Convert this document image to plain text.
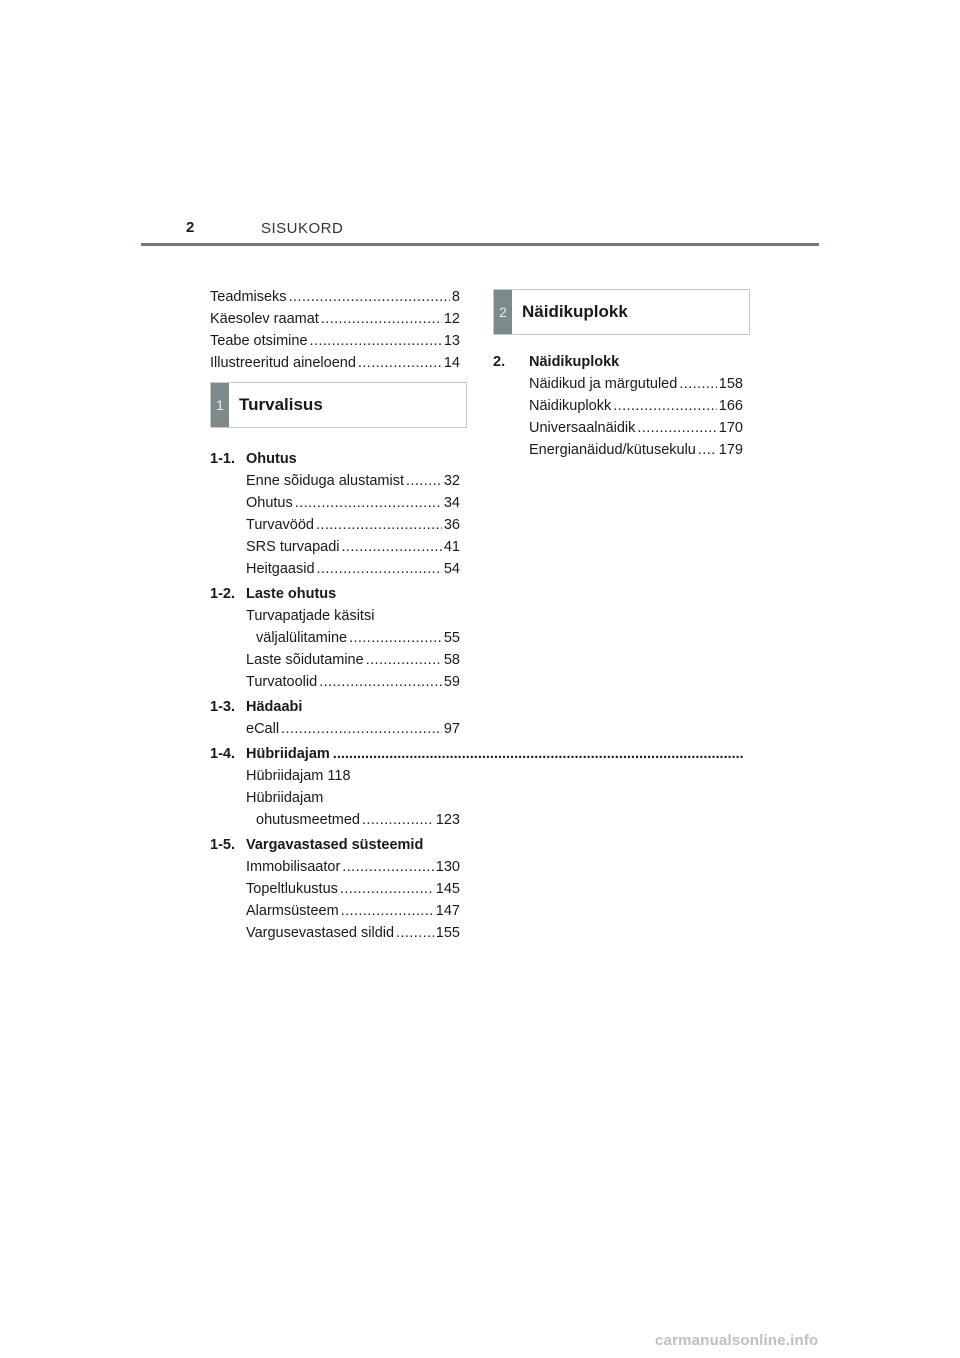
2	SISUKORD
Teadmiseks .....	8
Käesolev raamat .....	12
Teabe otsimine .....	13
Illustreeritud aineloend .....	14
1 Turvalisus
1-1. Ohutus
Enne sõiduga alustamist .....	32
Ohutus .....	34
Turvavööd .....	36
SRS turvapadi .....	41
Heitgaasid .....	54
1-2. Laste ohutus
Turvapatjade käsitsi
väljalülitamine .....	55
Laste sõidutamine .....	58
Turvatoolid .....	59
1-3. Hädaabi
eCall .....	97
1-4. Hübriidajam
.....
Hübriidajam 118
Hübriidajam
ohutusmeetmed .....	123
1-5. Vargavastased süsteemid
Immobilisaator .....	130
Topeltlukustus .....	145
Alarmsüsteem .....	147
Vargusevastased sildid .....	155
2 Näidikuplokk
2.	Näidikuplokk
Näidikud ja märgutuled .....	158
Näidikuplokk .....	166
Universaalnäidik .....	170
Energianäidud/kütusekulu ..... 179
carmanualsonline.info
